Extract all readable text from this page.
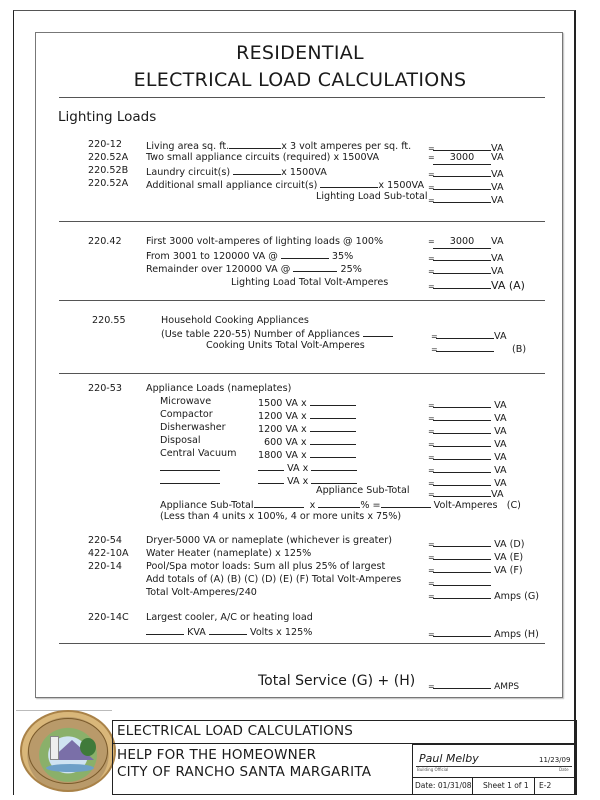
RESIDENTIAL
ELECTRICAL LOAD CALCULATIONS
Lighting Loads
220-12	Living area sq. ft.	x 3 volt amperes per sq. ft. =	VA
220.52A Two small appliance circuits (required) x 1500VA	= 3000 VA
220.52B Laundry circuit(s)	x 1500VA	=	VA
220.52A Additional small appliance circuit(s)	x 1500VA =	VA
Lighting Load Sub-total =	VA
220.42	First 3000 volt-amperes of lighting loads @ 100%	= 3000 VA
From 3001 to 120000 VA @	35%	=	VA
Remainder over 120000 VA @	25%	=	VA
Lighting Load Total Volt-Amperes	=	VA (A)
220.55	Household Cooking Appliances
(Use table 220-55) Number of Appliances	=	VA
Cooking Units Total Volt-Amperes	=	(B)
220-53	Appliance Loads (nameplates)
Microwave	1500 VA x	=	VA
Compactor	1200 VA x	=	VA
Disherwasher	1200 VA x	=	VA
Disposal	600 VA x	=	VA
Central Vacuum 1800 VA x	=	VA
VA x	=	VA
VA x	=	VA
Appliance Sub-Total =	VA
Appliance Sub-Total	x	% =	Volt-Amperes (C)
(Less than 4 units x 100%, 4 or more units x 75%)
220-54	Dryer-5000 VA or nameplate (whichever is greater)	=	VA (D)
422-10A Water Heater (nameplate) x 125%	=	VA (E)
220-14	Pool/Spa motor loads: Sum all plus 25% of largest	=	VA (F)
Add totals of (A) (B) (C) (D) (E) (F) Total Volt-Amperes	=
Total Volt-Amperes/240	=	Amps (G)
220-14C Largest cooler, A/C or heating load
KVA	Volts x 125%	=	Amps (H)
Total Service (G) + (H) =	AMPS
ELECTRICAL LOAD CALCULATIONS
HELP FOR THE HOMEOWNER
CITY OF RANCHO SANTA MARGARITA
Paul Melby	11/23/09
Building Official	Date
Date: 01/31/08 Sheet 1 of 1 E-2
